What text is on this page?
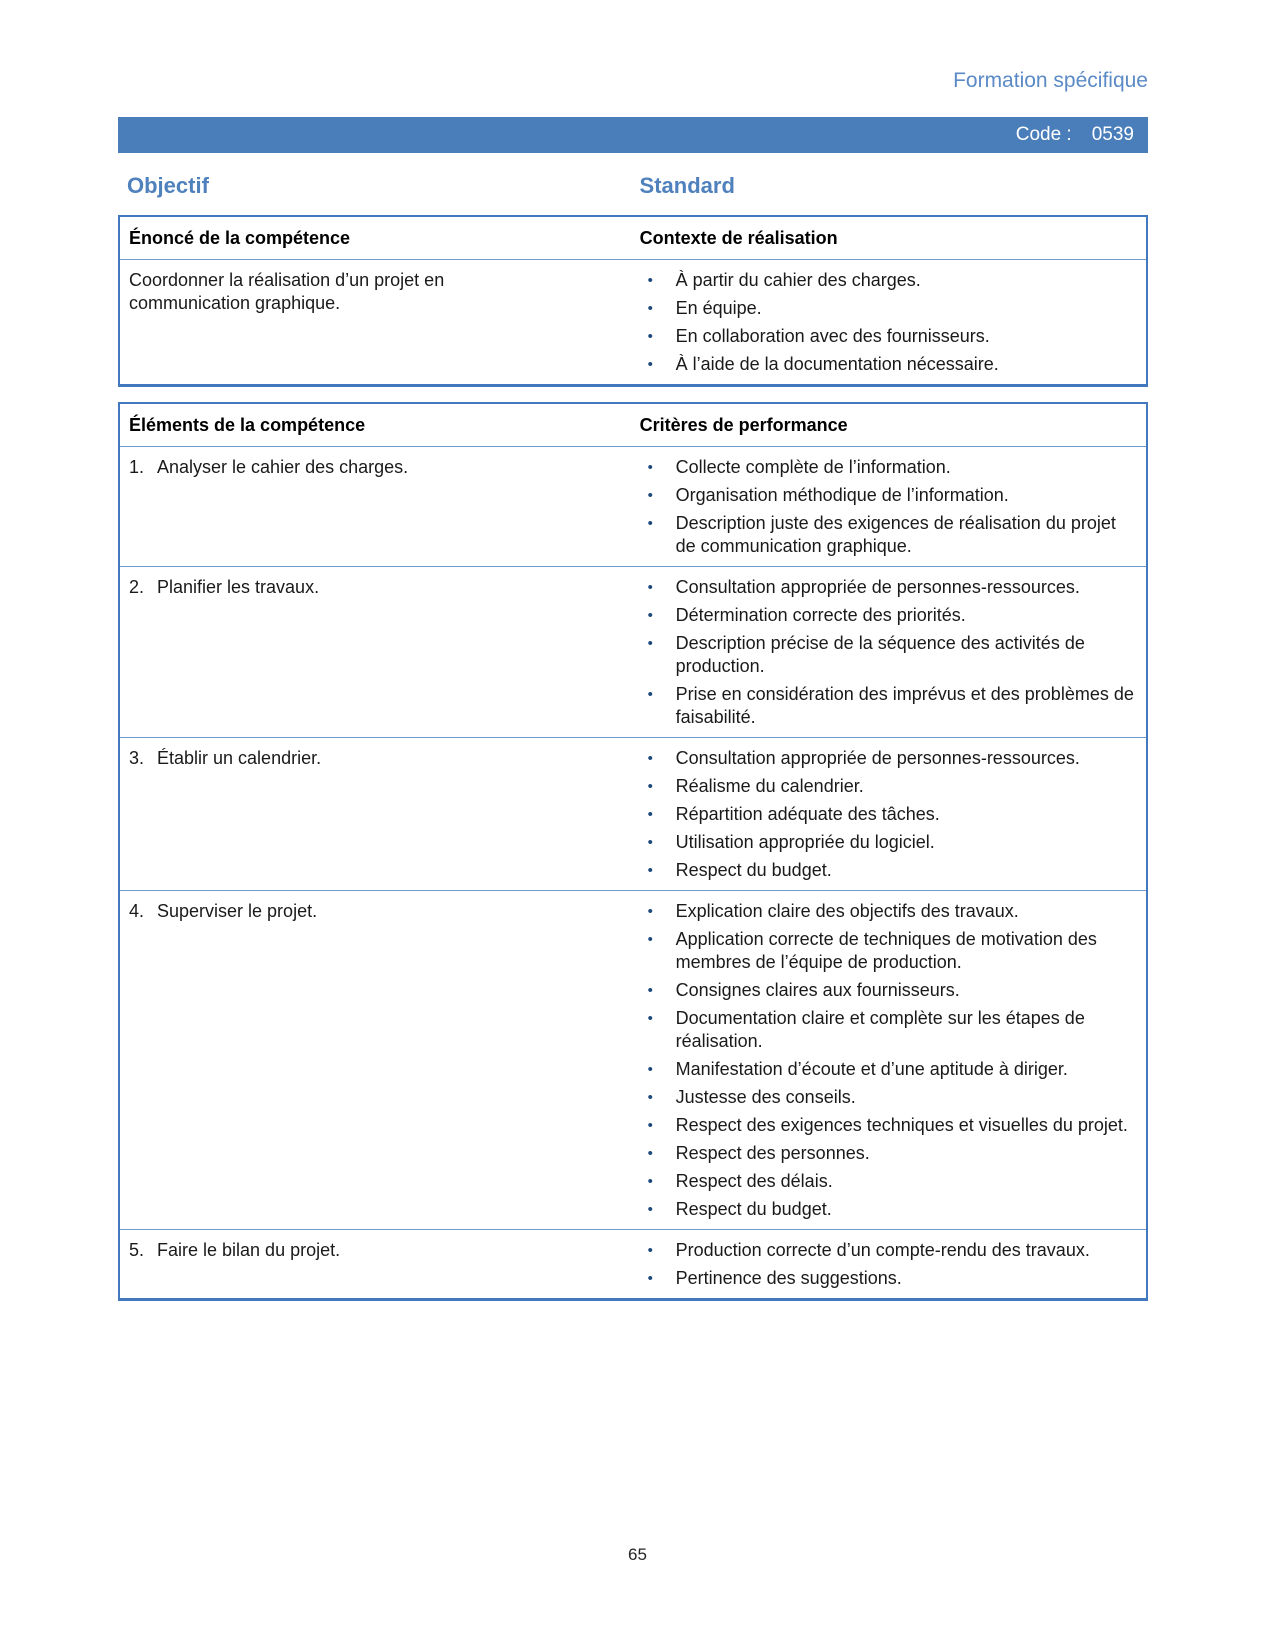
Formation spécifique
Code : 0539
Objectif	Standard
Énoncé de la compétence	Contexte de réalisation

Coordonner la réalisation d’un projet en communication graphique.

• À partir du cahier des charges.
• En équipe.
• En collaboration avec des fournisseurs.
• À l’aide de la documentation nécessaire.
Éléments de la compétence	Critères de performance
1. Analyser le cahier des charges.	• Collecte complète de l’information.
• Organisation méthodique de l’information.
• Description juste des exigences de réalisation du projet de communication graphique.
2. Planifier les travaux.	• Consultation appropriée de personnes-ressources.
• Détermination correcte des priorités.
• Description précise de la séquence des activités de production.
• Prise en considération des imprévus et des problèmes de faisabilité.
3. Établir un calendrier.	• Consultation appropriée de personnes-ressources.
• Réalisme du calendrier.
• Répartition adéquate des tâches.
• Utilisation appropriée du logiciel.
• Respect du budget.
4. Superviser le projet.	• Explication claire des objectifs des travaux.
• Application correcte de techniques de motivation des membres de l’équipe de production.
• Consignes claires aux fournisseurs.
• Documentation claire et complète sur les étapes de réalisation.
• Manifestation d’écoute et d’une aptitude à diriger.
• Justesse des conseils.
• Respect des exigences techniques et visuelles du projet.
• Respect des personnes.
• Respect des délais.
• Respect du budget.
5. Faire le bilan du projet.	• Production correcte d’un compte-rendu des travaux.
• Pertinence des suggestions.
65
